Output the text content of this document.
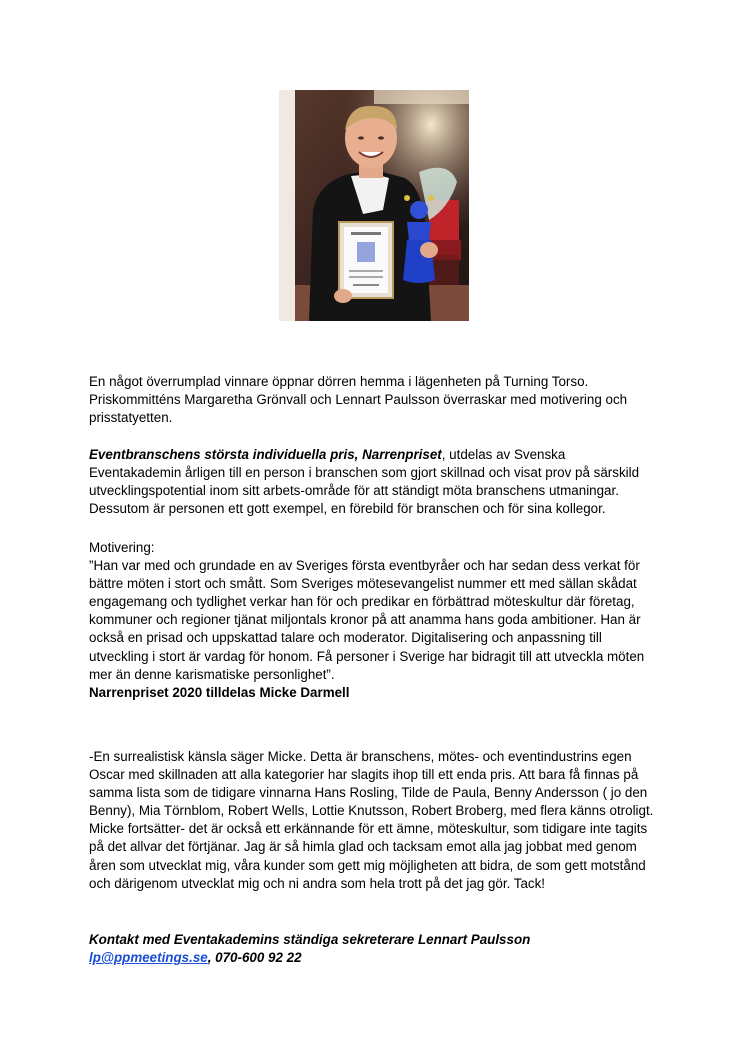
En något överrumplad vinnare öppnar dörren hemma i lägenheten på Turning Torso. Priskommitténs Margaretha Grönvall och Lennart Paulsson överraskar med motivering och prisstatyetten.

Eventbranschens största individuella pris, Narrenpriset, utdelas av Svenska Eventakademin årligen till en person i branschen som gjort skillnad och visat prov på särskild utvecklingspotential inom sitt arbets-område för att ständigt möta branschens utmaningar. Dessutom är personen ett gott exempel, en förebild för branschen och för sina kollegor.

Motivering:

”Han var med och grundade en av Sveriges första eventbyråer och har sedan dess verkat för bättre möten i stort och smått. Som Sveriges mötesevangelist nummer ett med sällan skådat engagemang och tydlighet verkar han för och predikar en förbättrad möteskultur där företag, kommuner och regioner tjänat miljontals kronor på att anamma hans goda ambitioner. Han är också en prisad och uppskattad talare och moderator. Digitalisering och anpassning till utveckling i stort är vardag för honom. Få personer i Sverige har bidragit till att utveckla möten mer än denne karismatiske personlighet”.

Narrenpriset 2020 tilldelas Micke Darmell

-En surrealistisk känsla säger Micke. Detta är branschens, mötes- och eventindustrins egen Oscar med skillnaden att alla kategorier har slagits ihop till ett enda pris. Att bara få finnas på samma lista som de tidigare vinnarna Hans Rosling, Tilde de Paula, Benny Andersson ( jo den Benny), Mia Törnblom, Robert Wells, Lottie Knutsson, Robert Broberg, med flera känns otroligt. Micke fortsätter- det är också ett erkännande för ett ämne, möteskultur, som tidigare inte tagits på det allvar det förtjänar. Jag är så himla glad och tacksam emot alla jag jobbat med genom åren som utvecklat mig, våra kunder som gett mig möjligheten att bidra, de som gett motstånd och därigenom utvecklat mig och ni andra som hela trott på det jag gör. Tack!

Kontakt med Eventakademins ständiga sekreterare Lennart Paulsson

lp@ppmeetings.se, 070-600 92 22
